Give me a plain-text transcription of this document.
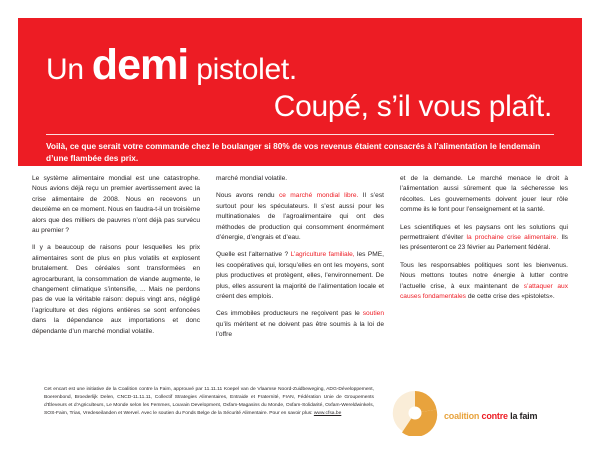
Un demi pistolet.
Coupé, s’il vous plaît.
Voilà, ce que serait votre commande chez le boulanger si 80% de vos revenus étaient consacrés à l’alimentation le lendemain d’une flambée des prix.

Le système alimentaire mondial est une catastrophe. Nous avions déjà reçu un premier avertissement avec la crise alimentaire de 2008. Nous en recevons un deuxième en ce moment. Nous en faudra-t-il un troisième alors que des milliers de pauvres n’ont déjà pas survécu au premier ?

Il y a beaucoup de raisons pour lesquelles les prix alimentaires sont de plus en plus volatils et explosent brutalement. Des céréales sont transformées en agrocarburant, la consommation de viande augmente, le changement climatique s’intensifie, ... Mais ne perdons pas de vue la véritable raison: depuis vingt ans, négligé l’agriculture et des régions entières se sont enfoncées dans la dépendance aux importations et donc dépendante d’un marché mondial volatile.

marché mondial volatile.

Nous avons rendu ce marché mondial libre. Il s’est surtout pour les spéculateurs. Il s’est aussi pour les multinationales de l’agroalimentaire qui ont des méthodes de production qui consomment énormément d’énergie, d’engrais et d’eau.

Quelle est l’alternative ? L’agriculture familiale, les PME, les coopératives qui, lorsqu’elles en ont les moyens, sont plus productives et protègent, elles, l’environnement. De plus, elles assurent la majorité de l’alimentation locale et créent des emplois.

Ces immobiles producteurs ne reçoivent pas le soutien qu’ils méritent et ne doivent pas être soumis à la loi de l’offre

et de la demande. Le marché menace le droit à l’alimentation aussi sûrement que la sécheresse les récoltes. Les gouvernements doivent jouer leur rôle comme ils le font pour l’enseignement et la santé.

Les scientifiques et les paysans ont les solutions qui permettraient d’éviter la prochaine crise alimentaire. Ils les présenteront ce 23 février au Parlement fédéral.

Tous les responsables politiques sont les bienvenus. Nous mettons toutes notre énergie à lutter contre l’actuelle crise, à eux maintenant de s’attaquer aux causes fondamentales de cette crise des «pistolets».

Cet encart est une initiative de la Coalition contre la Faim, approuvé par 11.11.11 Koepel van de Vlaamse Noord-Zuidbeweging, ADG-Développement, Boerenbond, Broederlijk Delen, CNCD-11.11.11, Collectif Strategies Alimentaires, Entraide et Fraternité, FIAN, Fédération Unie de Groupements d’Éleveurs et d’Agriculteurs, Le Monde selon les Femmes, Louvain Development, Oxfam-Magasins du Monde, Oxfam-Solidarité, Oxfam-Wereldwinkels, SOS-Faim, Trias, Vredeseilanden et Wervel. Avec le soutien du Fonds Belge de la Sécurité Alimentaire. Pour en savoir plus: www.cfsa.be	coalition contre la faim
